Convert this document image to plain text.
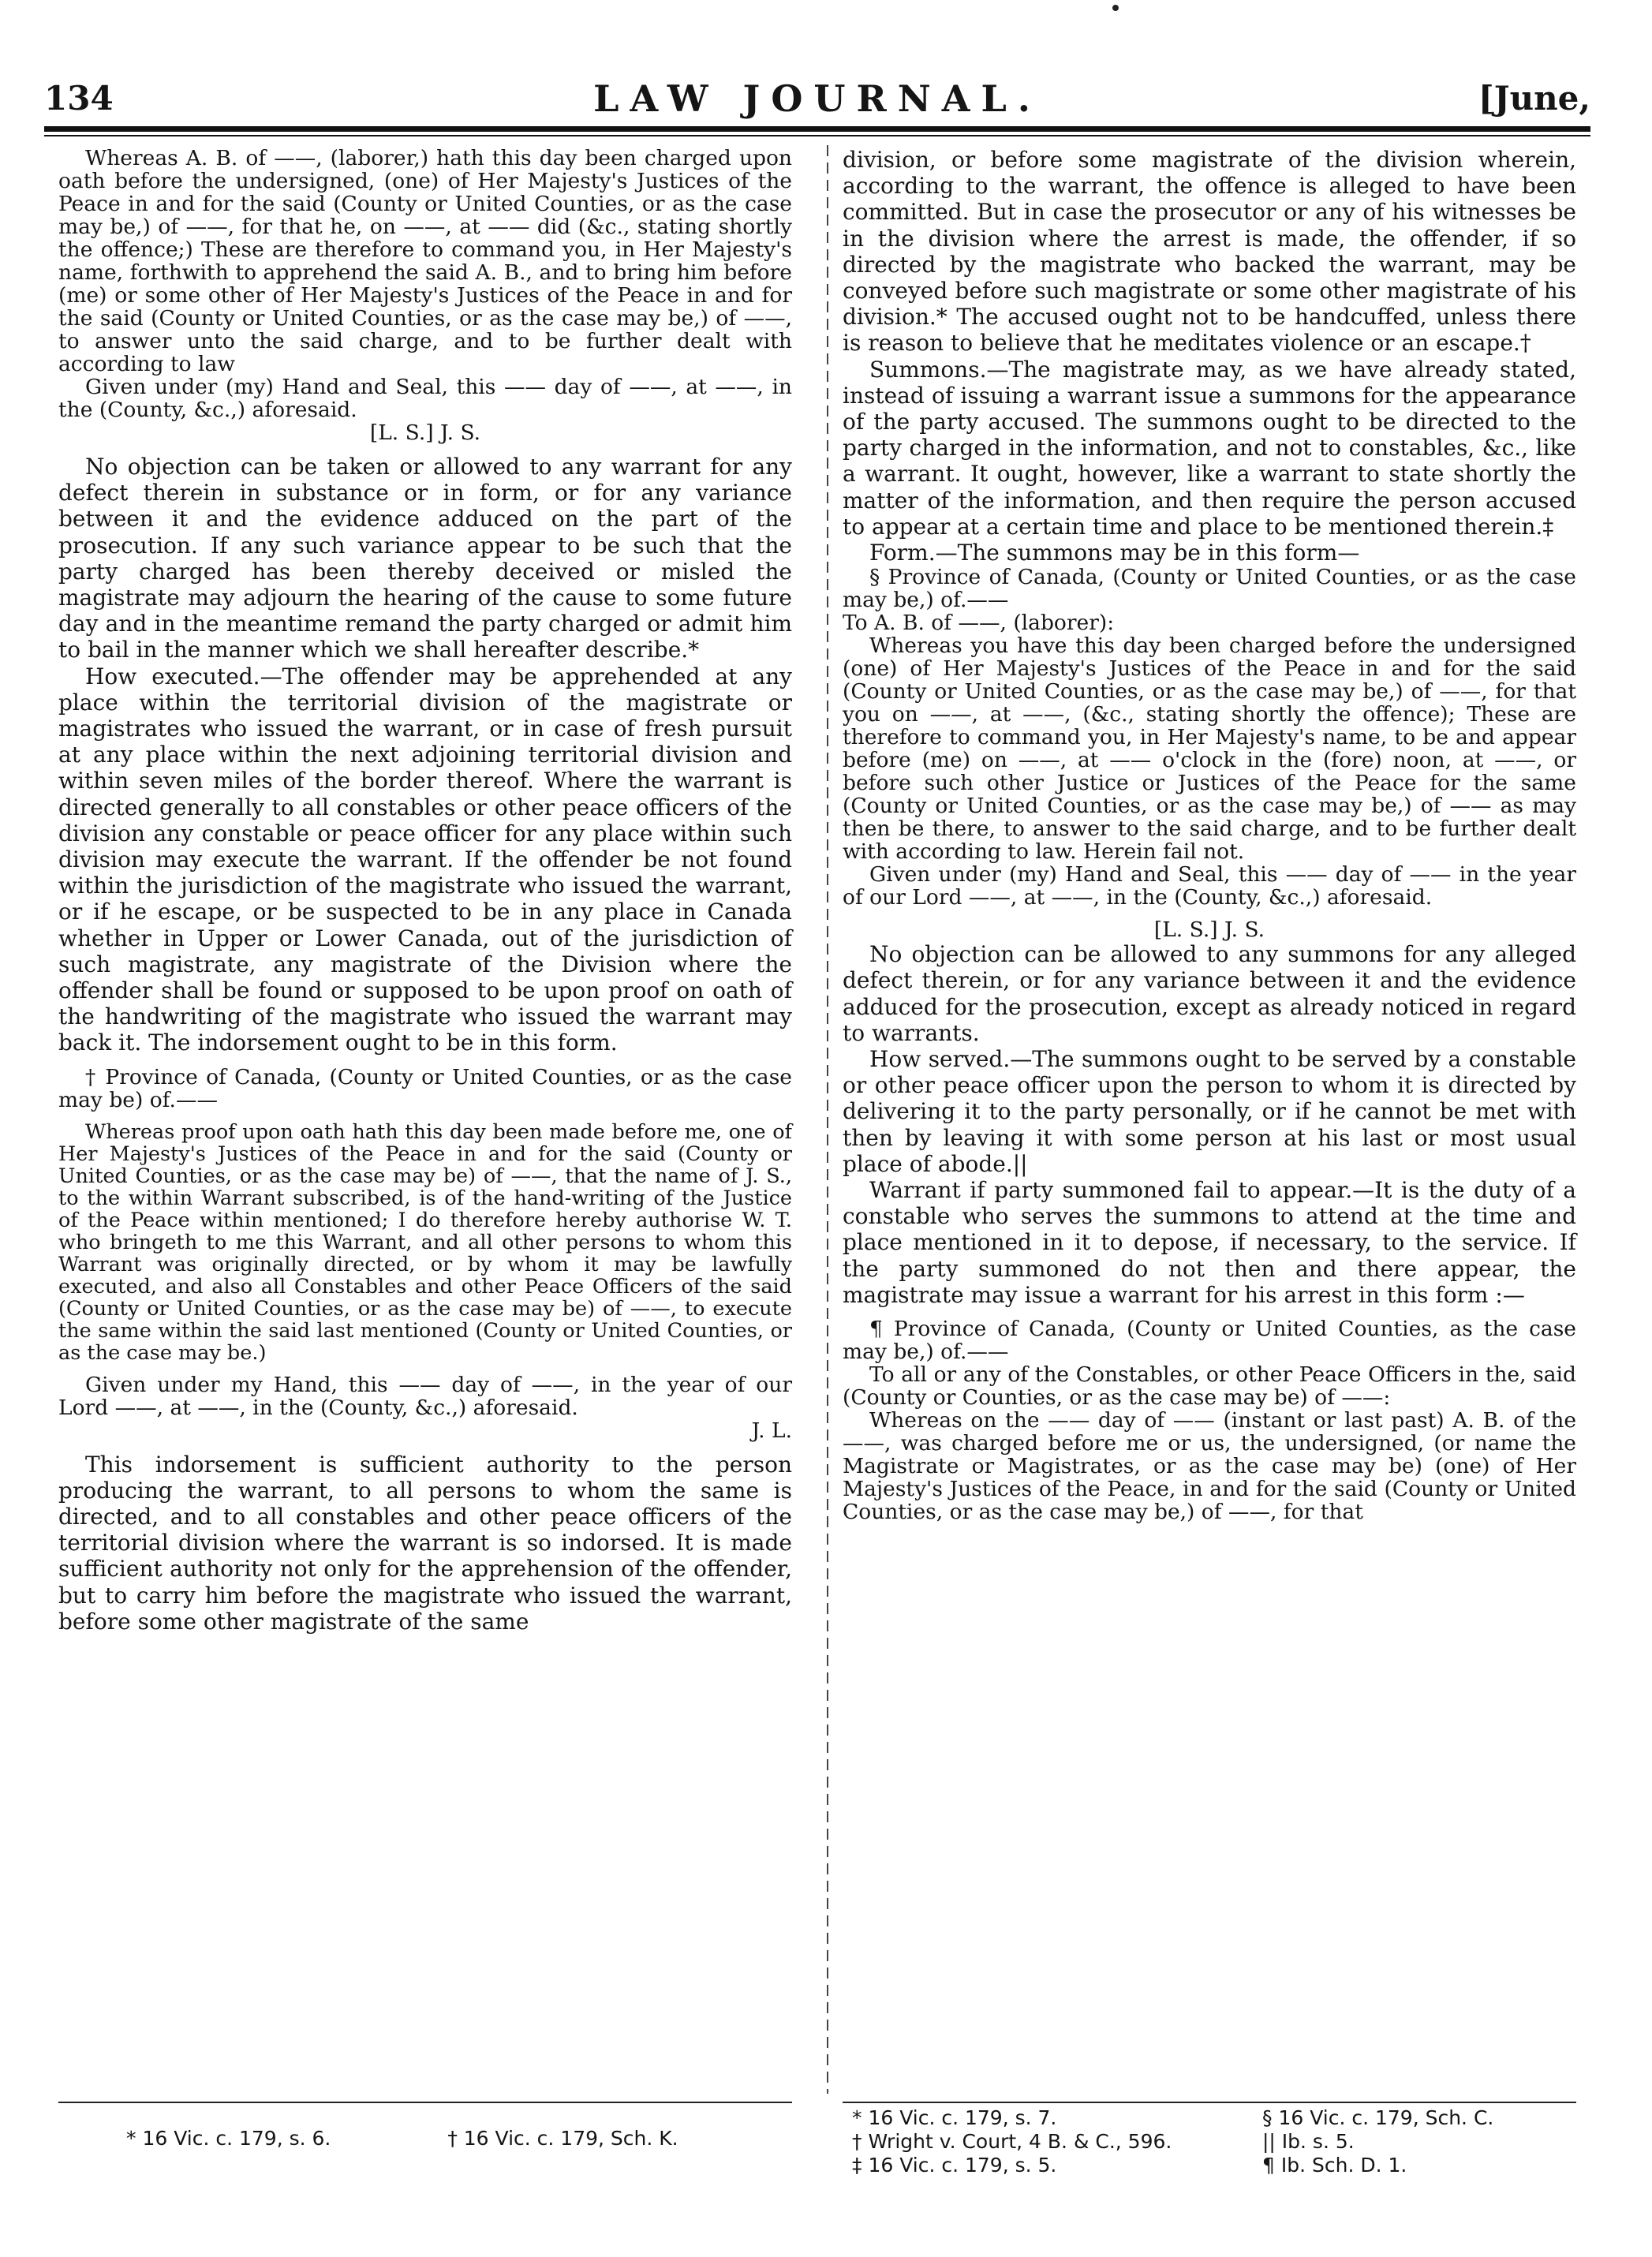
134	LAW JOURNAL.	[June,

Whereas A. B. of ——, (laborer,) hath this day been charged upon oath before the undersigned, (one) of Her Majesty's Justices of the Peace in and for the said (County or United Counties, or as the case may be,) of ——, for that he, on ——, at —— did (&c., stating shortly the offence;) These are therefore to command you, in Her Majesty's name, forthwith to apprehend the said A. B., and to bring him before (me) or some other of Her Majesty's Justices of the Peace in and for the said (County or United Counties, or as the case may be,) of ——, to answer unto the said charge, and to be further dealt with according to law

Given under (my) Hand and Seal, this —— day of ——, at ——, in the (County, &c.,) aforesaid.

[L. S.] J. S.

No objection can be taken or allowed to any warrant for any defect therein in substance or in form, or for any variance between it and the evidence adduced on the part of the prosecution. If any such variance appear to be such that the party charged has been thereby deceived or misled the magistrate may adjourn the hearing of the cause to some future day and in the meantime remand the party charged or admit him to bail in the manner which we shall hereafter describe.*

How executed.—The offender may be apprehended at any place within the territorial division of the magistrate or magistrates who issued the warrant, or in case of fresh pursuit at any place within the next adjoining territorial division and within seven miles of the border thereof. Where the warrant is directed generally to all constables or other peace officers of the division any constable or peace officer for any place within such division may execute the warrant. If the offender be not found within the jurisdiction of the magistrate who issued the warrant, or if he escape, or be suspected to be in any place in Canada whether in Upper or Lower Canada, out of the jurisdiction of such magistrate, any magistrate of the Division where the offender shall be found or supposed to be upon proof on oath of the handwriting of the magistrate who issued the warrant may back it. The indorsement ought to be in this form.

† Province of Canada, (County or United Counties, or as the case may be) of.——

Whereas proof upon oath hath this day been made before me, one of Her Majesty's Justices of the Peace in and for the said (County or United Counties, or as the case may be) of ——, that the name of J. S., to the within Warrant subscribed, is of the hand-writing of the Justice of the Peace within mentioned; I do therefore hereby authorise W. T. who bringeth to me this Warrant, and all other persons to whom this Warrant was originally directed, or by whom it may be lawfully executed, and also all Constables and other Peace Officers of the said (County or United Counties, or as the case may be) of ——, to execute the same within the said last mentioned (County or United Counties, or as the case may be.)

Given under my Hand, this —— day of ——, in the year of our Lord ——, at ——, in the (County, &c.,) aforesaid.

J. L.

This indorsement is sufficient authority to the person producing the warrant, to all persons to whom the same is directed, and to all constables and other peace officers of the territorial division where the warrant is so indorsed. It is made sufficient authority not only for the apprehension of the offender, but to carry him before the magistrate who issued the warrant, before some other magistrate of the same

division, or before some magistrate of the division wherein, according to the warrant, the offence is alleged to have been committed. But in case the prosecutor or any of his witnesses be in the division where the arrest is made, the offender, if so directed by the magistrate who backed the warrant, may be conveyed before such magistrate or some other magistrate of his division.* The accused ought not to be handcuffed, unless there is reason to believe that he meditates violence or an escape.†

Summons.—The magistrate may, as we have already stated, instead of issuing a warrant issue a summons for the appearance of the party accused. The summons ought to be directed to the party charged in the information, and not to constables, &c., like a warrant. It ought, however, like a warrant to state shortly the matter of the information, and then require the person accused to appear at a certain time and place to be mentioned therein.‡

Form.—The summons may be in this form—

§ Province of Canada, (County or United Counties, or as the case may be,) of.——

To A. B. of ——, (laborer):

Whereas you have this day been charged before the undersigned (one) of Her Majesty's Justices of the Peace in and for the said (County or United Counties, or as the case may be,) of ——, for that you on ——, at ——, (&c., stating shortly the offence); These are therefore to command you, in Her Majesty's name, to be and appear before (me) on ——, at —— o'clock in the (fore) noon, at ——, or before such other Justice or Justices of the Peace for the same (County or United Counties, or as the case may be,) of —— as may then be there, to answer to the said charge, and to be further dealt with according to law. Herein fail not.

Given under (my) Hand and Seal, this —— day of —— in the year of our Lord ——, at ——, in the (County, &c.,) aforesaid.

[L. S.] J. S.

No objection can be allowed to any summons for any alleged defect therein, or for any variance between it and the evidence adduced for the prosecution, except as already noticed in regard to warrants.

How served.—The summons ought to be served by a constable or other peace officer upon the person to whom it is directed by delivering it to the party personally, or if he cannot be met with then by leaving it with some person at his last or most usual place of abode.||

Warrant if party summoned fail to appear.—It is the duty of a constable who serves the summons to attend at the time and place mentioned in it to depose, if necessary, to the service. If the party summoned do not then and there appear, the magistrate may issue a warrant for his arrest in this form :—

¶ Province of Canada, (County or United Counties, as the case may be,) of.——

To all or any of the Constables, or other Peace Officers in the, said (County or Counties, or as the case may be) of ——:

Whereas on the —— day of —— (instant or last past) A. B. of the ——, was charged before me or us, the undersigned, (or name the Magistrate or Magistrates, or as the case may be) (one) of Her Majesty's Justices of the Peace, in and for the said (County or United Counties, or as the case may be,) of ——, for that

* 16 Vic. c. 179, s. 6.	† 16 Vic. c. 179, Sch. K.
* 16 Vic. c. 179, s. 7.	§ 16 Vic. c. 179, Sch. C.
† Wright v. Court, 4 B. & C., 596.	|| Ib. s. 5.
‡ 16 Vic. c. 179, s. 5.	¶ Ib. Sch. D. 1.
